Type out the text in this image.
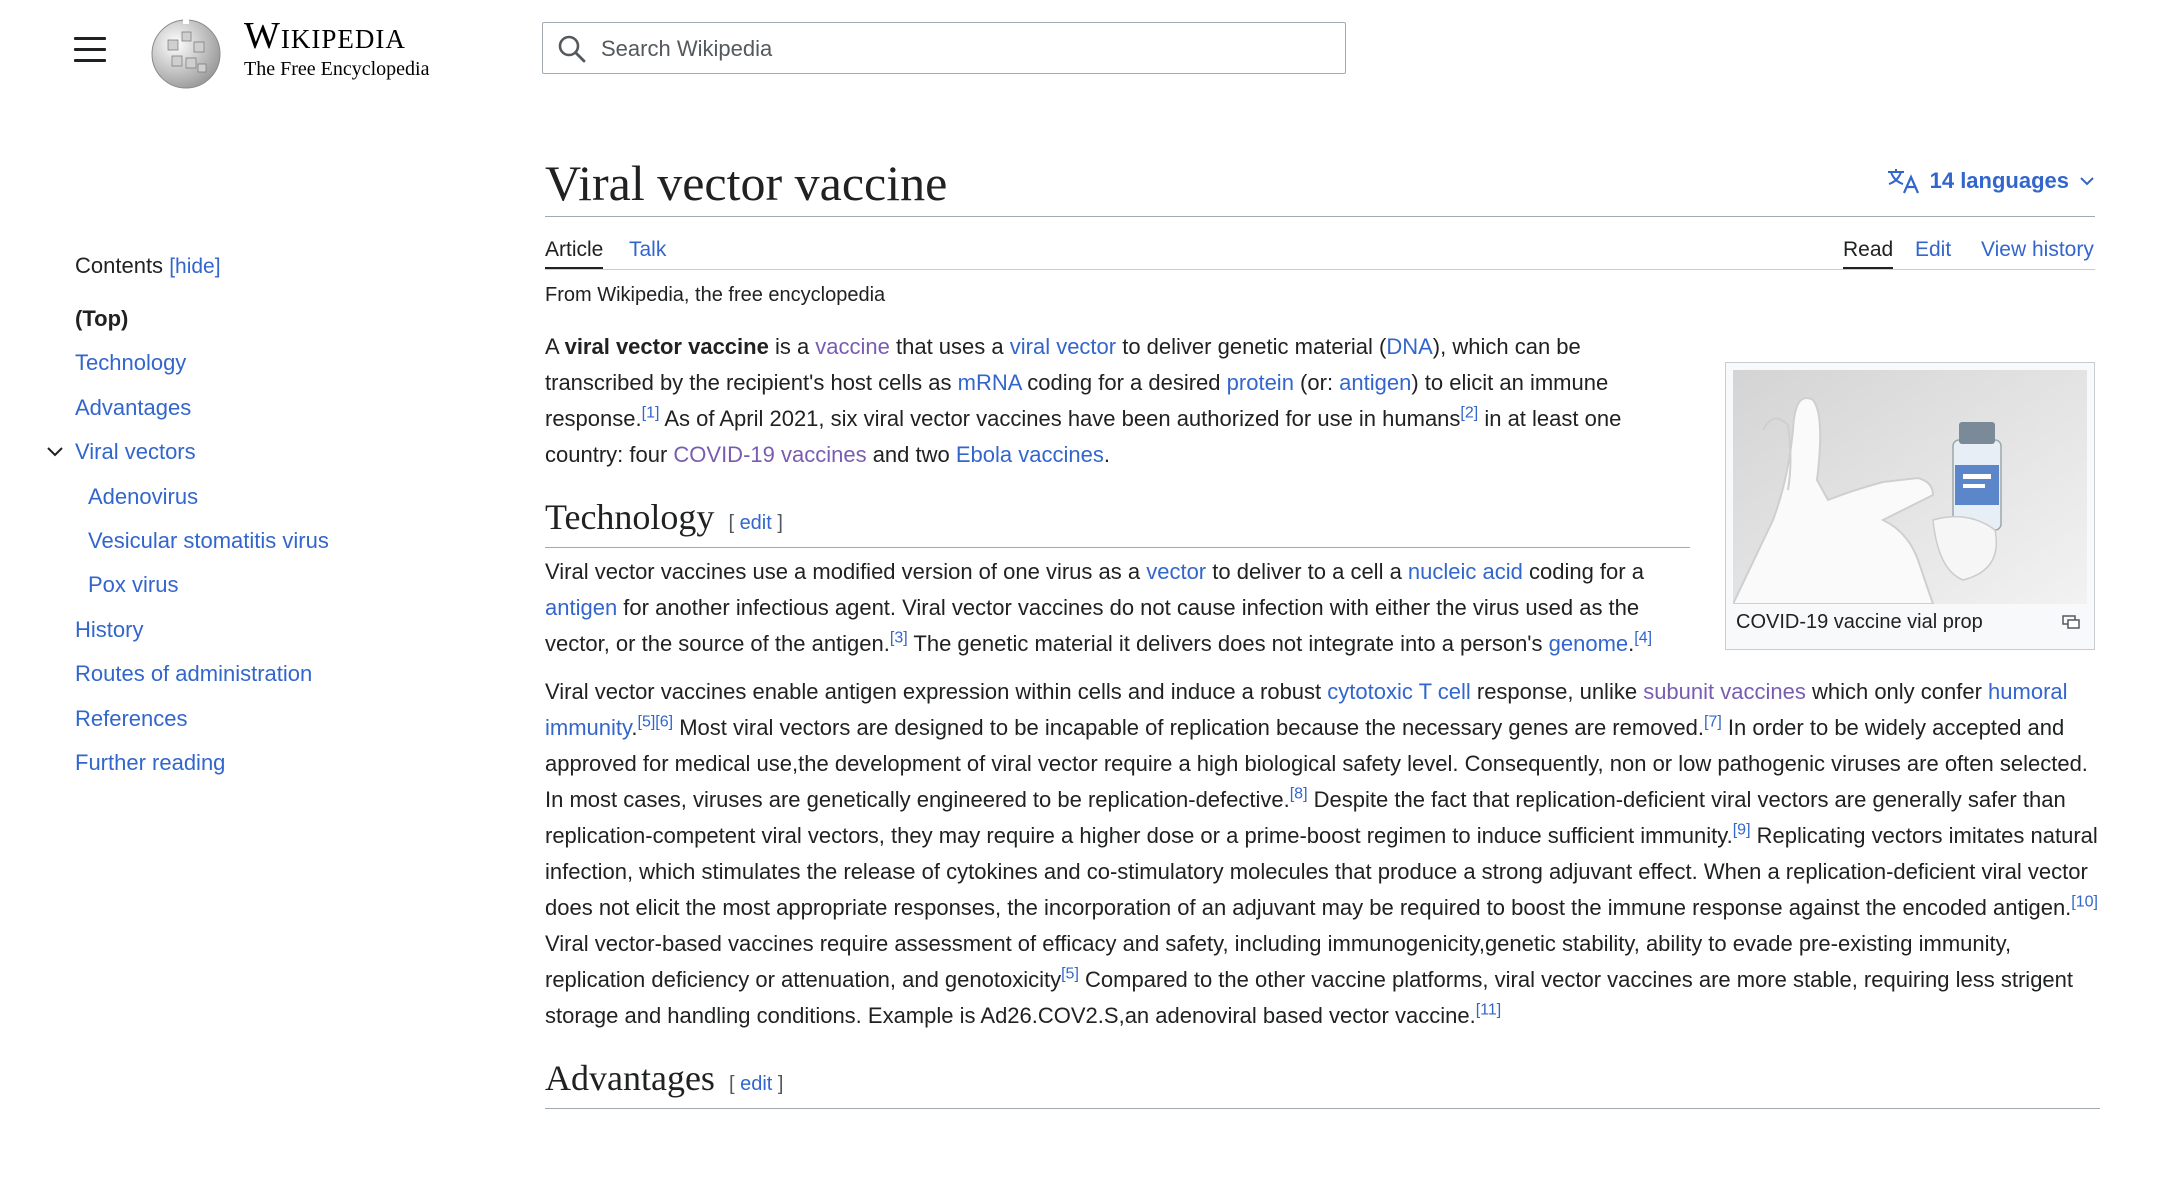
Wikipedia
The Free Encyclopedia
Search Wikipedia
Contents [hide]
(Top)
Technology
Advantages
Viral vectors
Adenovirus
Vesicular stomatitis virus
Pox virus
History
Routes of administration
References
Further reading
Viral vector vaccine	14 languages
Article Talk	Read Edit View history
From Wikipedia, the free encyclopedia

A viral vector vaccine is a vaccine that uses a viral vector to deliver genetic material (DNA), which can be transcribed by the recipient's host cells as mRNA coding for a desired protein (or: antigen) to elicit an immune response.[1] As of April 2021, six viral vector vaccines have been authorized for use in humans[2] in at least one country: four COVID-19 vaccines and two Ebola vaccines.

Technology [ edit ]

Viral vector vaccines use a modified version of one virus as a vector to deliver to a cell a nucleic acid coding for a antigen for another infectious agent. Viral vector vaccines do not cause infection with either the virus used as the vector, or the source of the antigen.[3] The genetic material it delivers does not integrate into a person's genome.[4]

Viral vector vaccines enable antigen expression within cells and induce a robust cytotoxic T cell response, unlike subunit vaccines which only confer humoral immunity.[5][6] Most viral vectors are designed to be incapable of replication because the necessary genes are removed.[7] In order to be widely accepted and approved for medical use,the development of viral vector require a high biological safety level. Consequently, non or low pathogenic viruses are often selected. In most cases, viruses are genetically engineered to be replication-defective.[8] Despite the fact that replication-deficient viral vectors are generally safer than replication-competent viral vectors, they may require a higher dose or a prime-boost regimen to induce sufficient immunity.[9] Replicating vectors imitates natural infection, which stimulates the release of cytokines and co-stimulatory molecules that produce a strong adjuvant effect. When a replication-deficient viral vector does not elicit the most appropriate responses, the incorporation of an adjuvant may be required to boost the immune response against the encoded antigen.[10] Viral vector-based vaccines require assessment of efficacy and safety, including immunogenicity,genetic stability, ability to evade pre-existing immunity, replication deficiency or attenuation, and genotoxicity[5] Compared to the other vaccine platforms, viral vector vaccines are more stable, requiring less strigent storage and handling conditions. Example is Ad26.COV2.S,an adenoviral based vector vaccine.[11]

Advantages [ edit ]
COVID-19 vaccine vial prop
